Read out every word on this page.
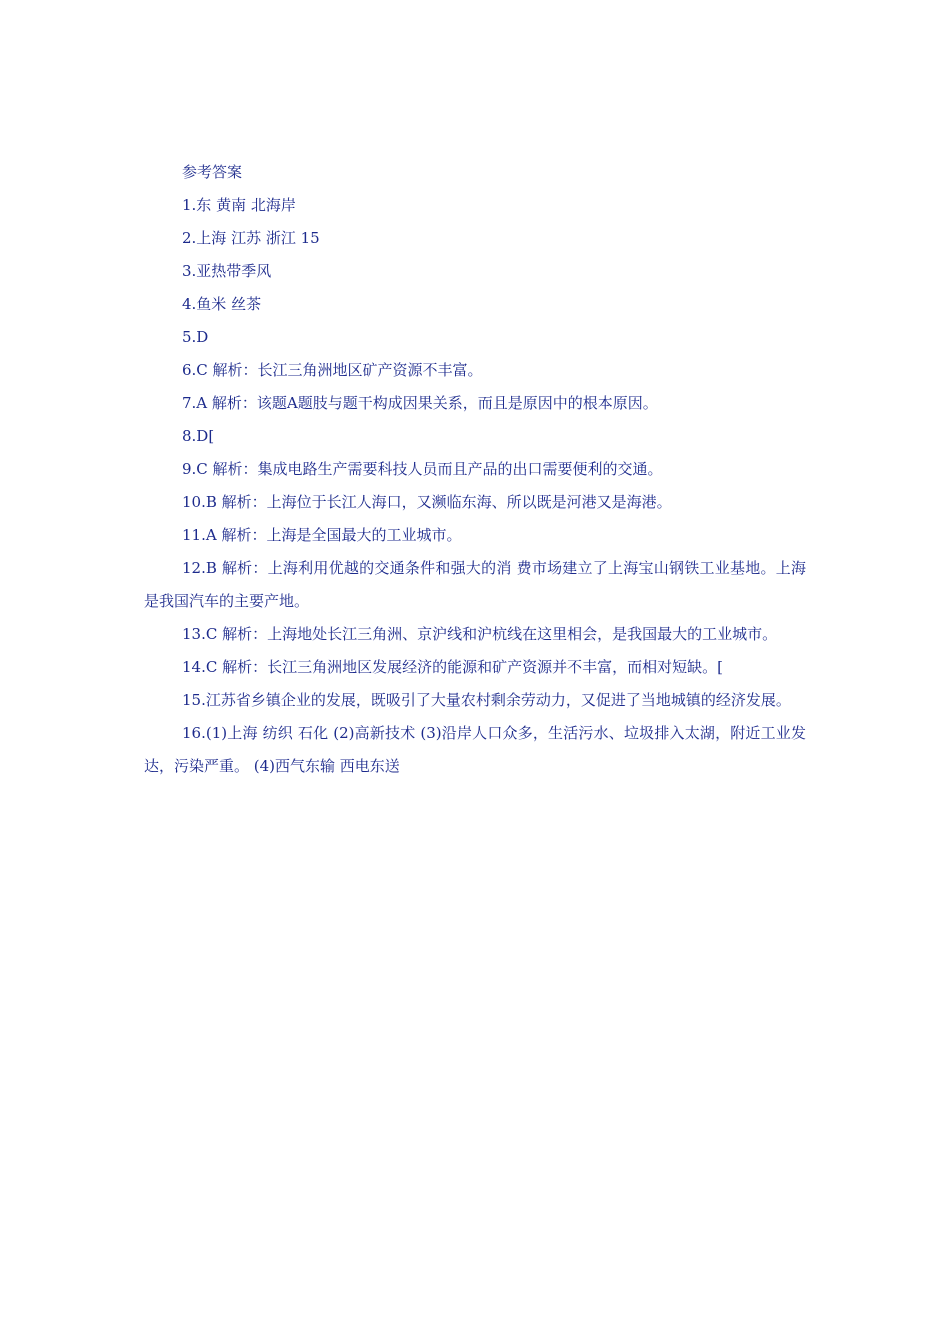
参考答案
1.东 黄南 北海岸
2.上海 江苏 浙江 15
3.亚热带季风
4.鱼米 丝茶
5.D
6.C 解析：长江三角洲地区矿产资源不丰富。
7.A 解析：该题A题肢与题干构成因果关系，而且是原因中的根本原因。
8.D[
9.C 解析：集成电路生产需要科技人员而且产品的出口需要便利的交通。
10.B 解析：上海位于长江人海口，又濒临东海、所以既是河港又是海港。
11.A 解析：上海是全国最大的工业城市。

12.B 解析：上海利用优越的交通条件和强大的消 费市场建立了上海宝山钢铁工业基地。上海是我国汽车的主要产地。

13.C 解析：上海地处长江三角洲、京沪线和沪杭线在这里相会，是我国最大的工业城市。

14.C 解析：长江三角洲地区发展经济的能源和矿产资源并不丰富，而相对短缺。[

15.江苏省乡镇企业的发展，既吸引了大量农村剩余劳动力，又促进了当地城镇的经济发展。

16.(1)上海 纺织 石化 (2)高新技术 (3)沿岸人口众多，生活污水、垃圾排入太湖，附近工业发达，污染严重。 (4)西气东输 西电东送
